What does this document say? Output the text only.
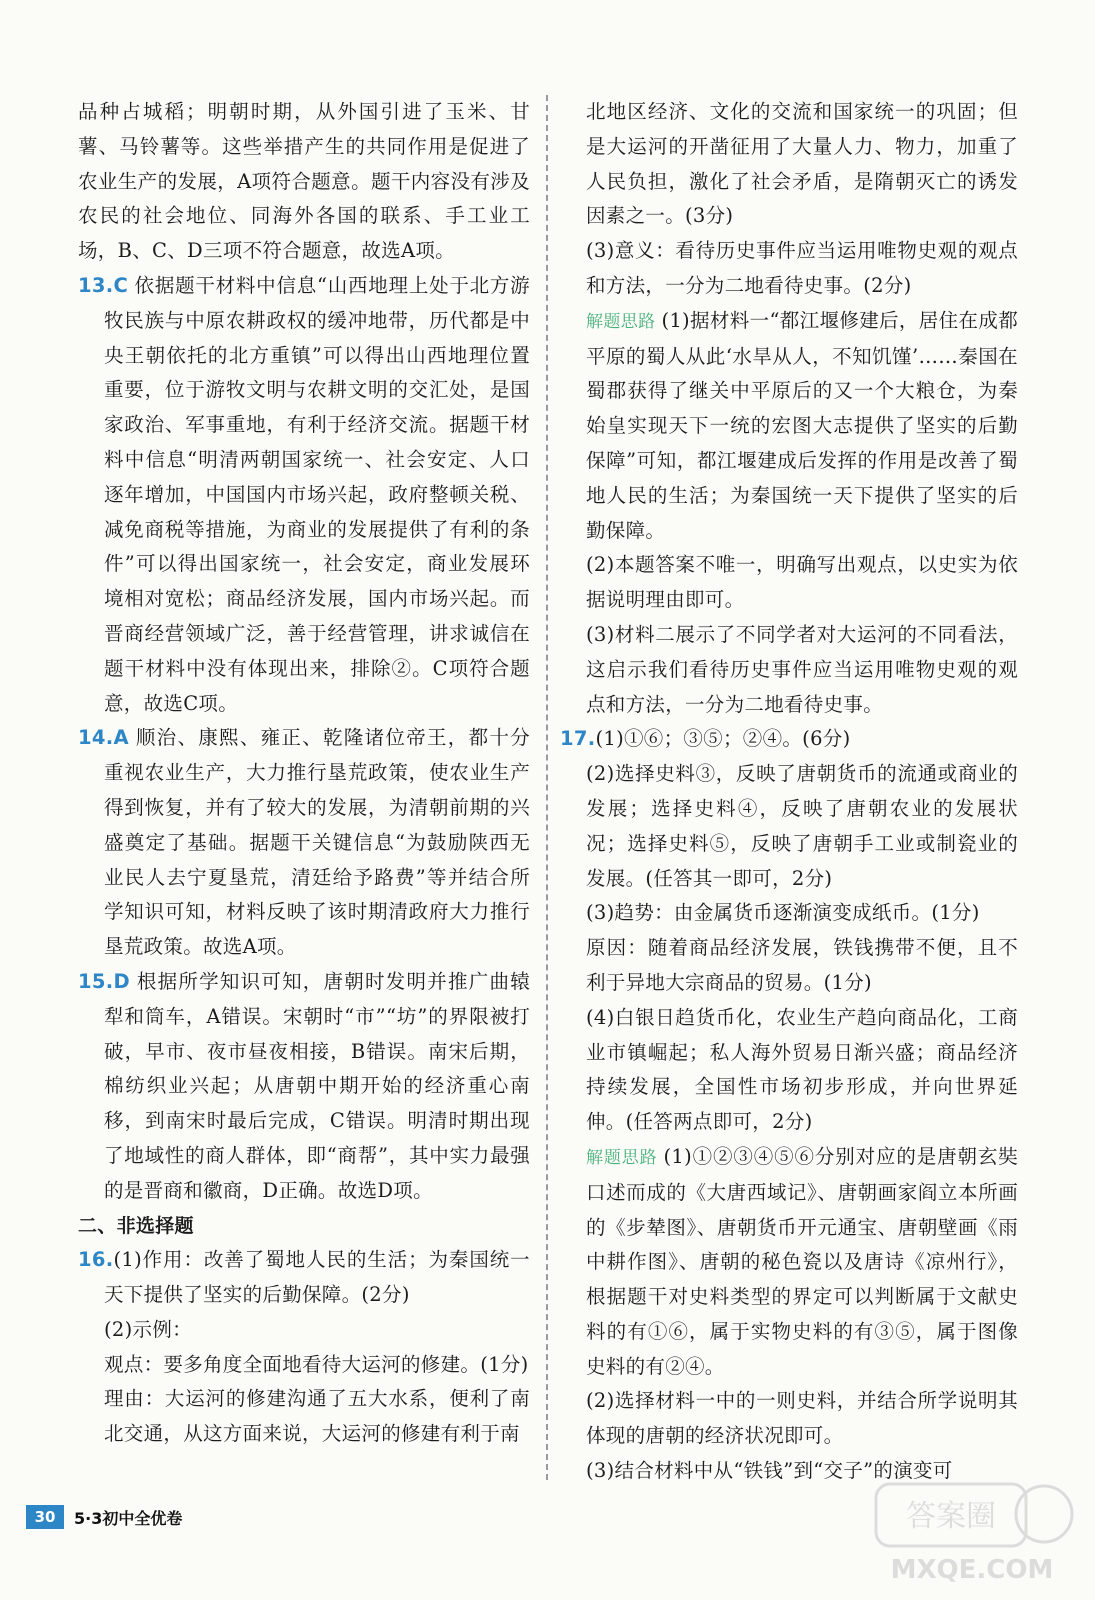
品种占城稻；明朝时期，从外国引进了玉米、甘薯、马铃薯等。这些举措产生的共同作用是促进了农业生产的发展，A项符合题意。题干内容没有涉及农民的社会地位、同海外各国的联系、手工业工场，B、C、D三项不符合题意，故选A项。

13.C 依据题干材料中信息“山西地理上处于北方游牧民族与中原农耕政权的缓冲地带，历代都是中央王朝依托的北方重镇”可以得出山西地理位置重要，位于游牧文明与农耕文明的交汇处，是国家政治、军事重地，有利于经济交流。据题干材料中信息“明清两朝国家统一、社会安定、人口逐年增加，中国国内市场兴起，政府整顿关税、减免商税等措施，为商业的发展提供了有利的条件”可以得出国家统一，社会安定，商业发展环境相对宽松；商品经济发展，国内市场兴起。而晋商经营领域广泛，善于经营管理，讲求诚信在题干材料中没有体现出来，排除②。C项符合题意，故选C项。

14.A 顺治、康熙、雍正、乾隆诸位帝王，都十分重视农业生产，大力推行垦荒政策，使农业生产得到恢复，并有了较大的发展，为清朝前期的兴盛奠定了基础。据题干关键信息“为鼓励陕西无业民人去宁夏垦荒，清廷给予路费”等并结合所学知识可知，材料反映了该时期清政府大力推行垦荒政策。故选A项。

15.D 根据所学知识可知，唐朝时发明并推广曲辕犁和筒车，A错误。宋朝时“市”“坊”的界限被打破，早市、夜市昼夜相接，B错误。南宋后期，棉纺织业兴起；从唐朝中期开始的经济重心南移，到南宋时最后完成，C错误。明清时期出现了地域性的商人群体，即“商帮”，其中实力最强的是晋商和徽商，D正确。故选D项。

二、非选择题

16.(1)作用：改善了蜀地人民的生活；为秦国统一天下提供了坚实的后勤保障。(2分)

(2)示例：

观点：要多角度全面地看待大运河的修建。(1分)

理由：大运河的修建沟通了五大水系，便利了南北交通，从这方面来说，大运河的修建有利于南

北地区经济、文化的交流和国家统一的巩固；但是大运河的开凿征用了大量人力、物力，加重了人民负担，激化了社会矛盾，是隋朝灭亡的诱发因素之一。(3分)

(3)意义：看待历史事件应当运用唯物史观的观点和方法，一分为二地看待史事。(2分)

解题思路 (1)据材料一“都江堰修建后，居住在成都平原的蜀人从此‘水旱从人，不知饥馑’……秦国在蜀郡获得了继关中平原后的又一个大粮仓，为秦始皇实现天下一统的宏图大志提供了坚实的后勤保障”可知，都江堰建成后发挥的作用是改善了蜀地人民的生活；为秦国统一天下提供了坚实的后勤保障。

(2)本题答案不唯一，明确写出观点，以史实为依据说明理由即可。

(3)材料二展示了不同学者对大运河的不同看法，这启示我们看待历史事件应当运用唯物史观的观点和方法，一分为二地看待史事。

17.(1)①⑥；③⑤；②④。(6分)

(2)选择史料③，反映了唐朝货币的流通或商业的发展；选择史料④，反映了唐朝农业的发展状况；选择史料⑤，反映了唐朝手工业或制瓷业的发展。(任答其一即可，2分)

(3)趋势：由金属货币逐渐演变成纸币。(1分)

原因：随着商品经济发展，铁钱携带不便，且不利于异地大宗商品的贸易。(1分)

(4)白银日趋货币化，农业生产趋向商品化，工商业市镇崛起；私人海外贸易日渐兴盛；商品经济持续发展，全国性市场初步形成，并向世界延伸。(任答两点即可，2分)

解题思路 (1)①②③④⑤⑥分别对应的是唐朝玄奘口述而成的《大唐西域记》、唐朝画家阎立本所画的《步辇图》、唐朝货币开元通宝、唐朝壁画《雨中耕作图》、唐朝的秘色瓷以及唐诗《凉州行》，根据题干对史料类型的界定可以判断属于文献史料的有①⑥，属于实物史料的有③⑤，属于图像史料的有②④。

(2)选择材料一中的一则史料，并结合所学说明其体现的唐朝的经济状况即可。

(3)结合材料中从“铁钱”到“交子”的演变可

30	5·3初中全优卷	答案圈
MXQE.COM
